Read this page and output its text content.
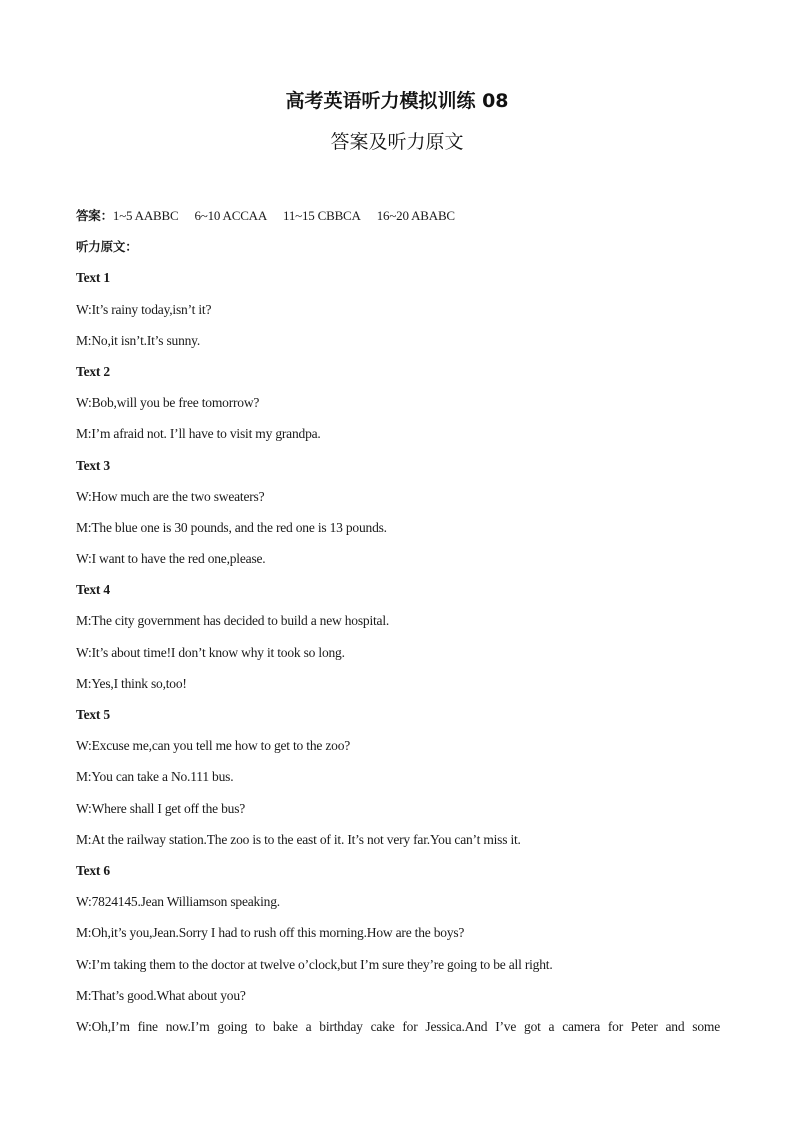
高考英语听力模拟训练 08
答案及听力原文
答案：1~5 AABBC 6~10 ACCAA 11~15 CBBCA 16~20 ABABC
听力原文：
Text 1
W:It’s rainy today,isn’t it?
M:No,it isn’t.It’s sunny.
Text 2
W:Bob,will you be free tomorrow?
M:I’m afraid not. I’ll have to visit my grandpa.
Text 3
W:How much are the two sweaters?
M:The blue one is 30 pounds, and the red one is 13 pounds.
W:I want to have the red one,please.
Text 4
M:The city government has decided to build a new hospital.
W:It’s about time!I don’t know why it took so long.
M:Yes,I think so,too!
Text 5
W:Excuse me,can you tell me how to get to the zoo?
M:You can take a No.111 bus.
W:Where shall I get off the bus?
M:At the railway station.The zoo is to the east of it. It’s not very far.You can’t miss it.
Text 6
W:7824145.Jean Williamson speaking.
M:Oh,it’s you,Jean.Sorry I had to rush off this morning.How are the boys?
W:I’m taking them to the doctor at twelve o’clock,but I’m sure they’re going to be all right.
M:That’s good.What about you?
W:Oh,I’m fine now.I’m going to bake a birthday cake for Jessica.And I’ve got a camera for Peter and some
